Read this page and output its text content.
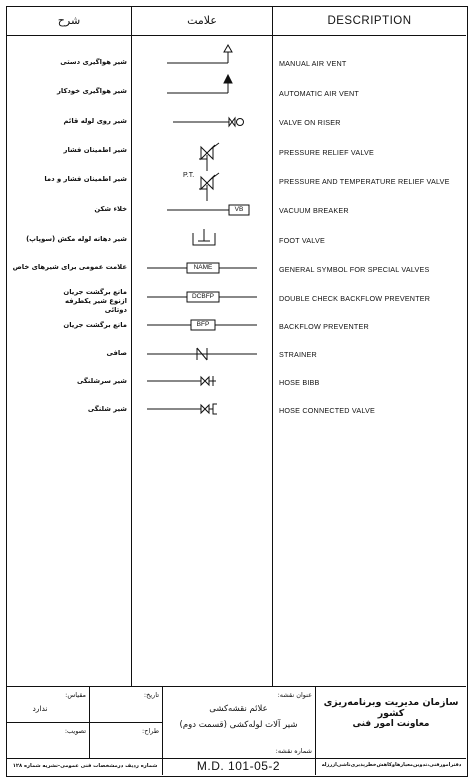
شرح	علامت	DESCRIPTION
شیر هواگیری دستی
شیر هواگیری خودکار
شیر روی لوله قائم
شیر اطمینان فشار
شیر اطمینان فشار و دما
خلاء شکن
شیر دهانه لوله مکش (سوپاپ)
علامت عمومی برای شیرهای خاص
مانع برگشت جریان ازنوع شیر یکطرفه دوتائی
مانع برگشت جریان
صافی
شیر سرشلنگی
شیر شلنگی
MANUAL AIR VENT
AUTOMATIC AIR VENT
VALVE ON RISER
PRESSURE RELIEF VALVE
PRESSURE AND TEMPERATURE RELIEF VALVE
VACUUM BREAKER
FOOT VALVE
GENERAL SYMBOL FOR SPECIAL VALVES
DOUBLE CHECK BACKFLOW PREVENTER
BACKFLOW PREVENTER
STRAINER
HOSE BIBB
HOSE CONNECTED VALVE
P.T.
VB
NAME
DCBFP
BFP
سازمان مدیریت وبرنامه‌ریزی کشور
معاونت امور فنی
دفترامورفنی،تدوین‌معیارهاوکاهش‌خطرپذیری‌ناشی‌ازرزله
عنوان نقشه:
علائم نقشه‌کشی
شیر آلات لوله‌کشی (قسمت دوم)
تاریخ:
طراح:
مقیاس:
ندارد
تصویب:
شماره نقشه:
M.D. 101-05-2
شماره ردیف درمشخصات فنی عمومی-نشریه شماره ۱۲۸
